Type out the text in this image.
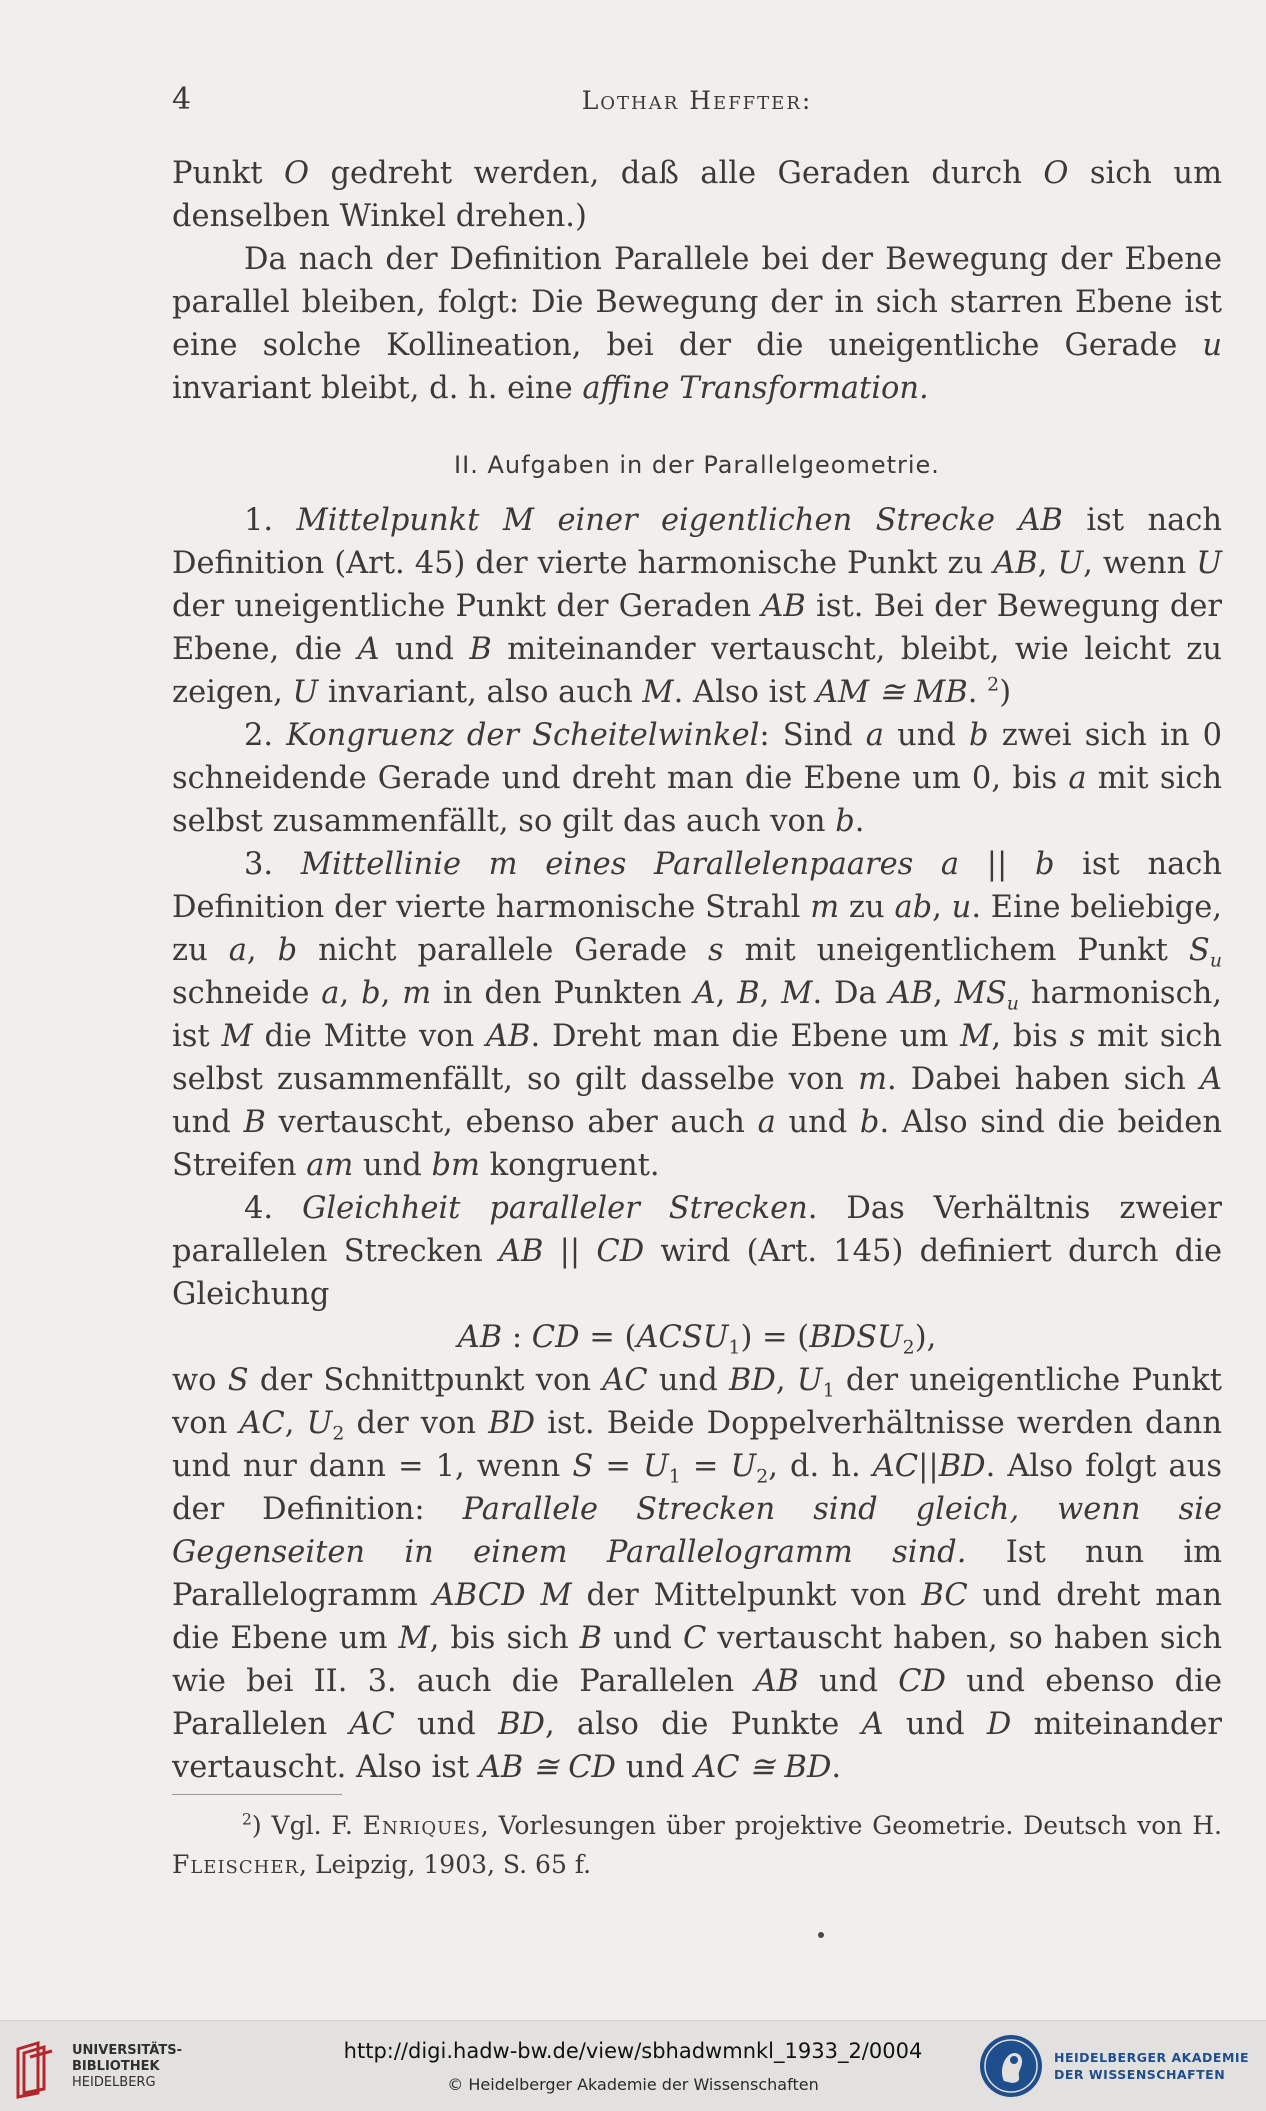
4	Lothar Heffter:

Punkt O gedreht werden, daß alle Geraden durch O sich um denselben Winkel drehen.)

Da nach der Definition Parallele bei der Bewegung der Ebene parallel bleiben, folgt: Die Bewegung der in sich starren Ebene ist eine solche Kollineation, bei der die uneigentliche Gerade u invariant bleibt, d. h. eine affine Transformation.

II. Aufgaben in der Parallelgeometrie.

1. Mittelpunkt M einer eigentlichen Strecke AB ist nach Definition (Art. 45) der vierte harmonische Punkt zu AB, U, wenn U der uneigentliche Punkt der Geraden AB ist. Bei der Bewegung der Ebene, die A und B miteinander vertauscht, bleibt, wie leicht zu zeigen, U invariant, also auch M. Also ist AM ≅ MB. $^2$)

2. Kongruenz der Scheitelwinkel: Sind a und b zwei sich in 0 schneidende Gerade und dreht man die Ebene um 0, bis a mit sich selbst zusammenfällt, so gilt das auch von b.

3. Mittellinie m eines Parallelenpaares a || b ist nach Definition der vierte harmonische Strahl m zu ab, u. Eine beliebige, zu a, b nicht parallele Gerade s mit uneigentlichem Punkt $S_u$ schneide a, b, m in den Punkten A, B, M. Da AB, $MS_u$ harmonisch, ist M die Mitte von AB. Dreht man die Ebene um M, bis s mit sich selbst zusammenfällt, so gilt dasselbe von m. Dabei haben sich A und B vertauscht, ebenso aber auch a und b. Also sind die beiden Streifen am und bm kongruent.

4. Gleichheit paralleler Strecken. Das Verhältnis zweier parallelen Strecken AB || CD wird (Art. 145) definiert durch die Gleichung

AB : CD = $(ACSU_1)$ = $(BDSU_2)$,

wo S der Schnittpunkt von AC und BD, $U_1$ der uneigentliche Punkt von AC, $U_2$ der von BD ist. Beide Doppelverhältnisse werden dann und nur dann = 1, wenn $S = U_1 = U_2$, d. h. AC||BD. Also folgt aus der Definition: Parallele Strecken sind gleich, wenn sie Gegenseiten in einem Parallelogramm sind. Ist nun im Parallelogramm ABCD M der Mittelpunkt von BC und dreht man die Ebene um M, bis sich B und C vertauscht haben, so haben sich wie bei II. 3. auch die Parallelen AB und CD und ebenso die Parallelen AC und BD, also die Punkte A und D miteinander vertauscht. Also ist AB ≅ CD und AC ≅ BD.

$^2$) Vgl. F. Enriques, Vorlesungen über projektive Geometrie. Deutsch von H. Fleischer, Leipzig, 1903, S. 65 f.

UNIVERSITÄTS-
BIBLIOTHEK
HEIDELBERG
http://digi.hadw-bw.de/view/sbhadwmnkl_1933_2/0004
© Heidelberger Akademie der Wissenschaften
HEIDELBERGER AKADEMIE
DER WISSENSCHAFTEN
